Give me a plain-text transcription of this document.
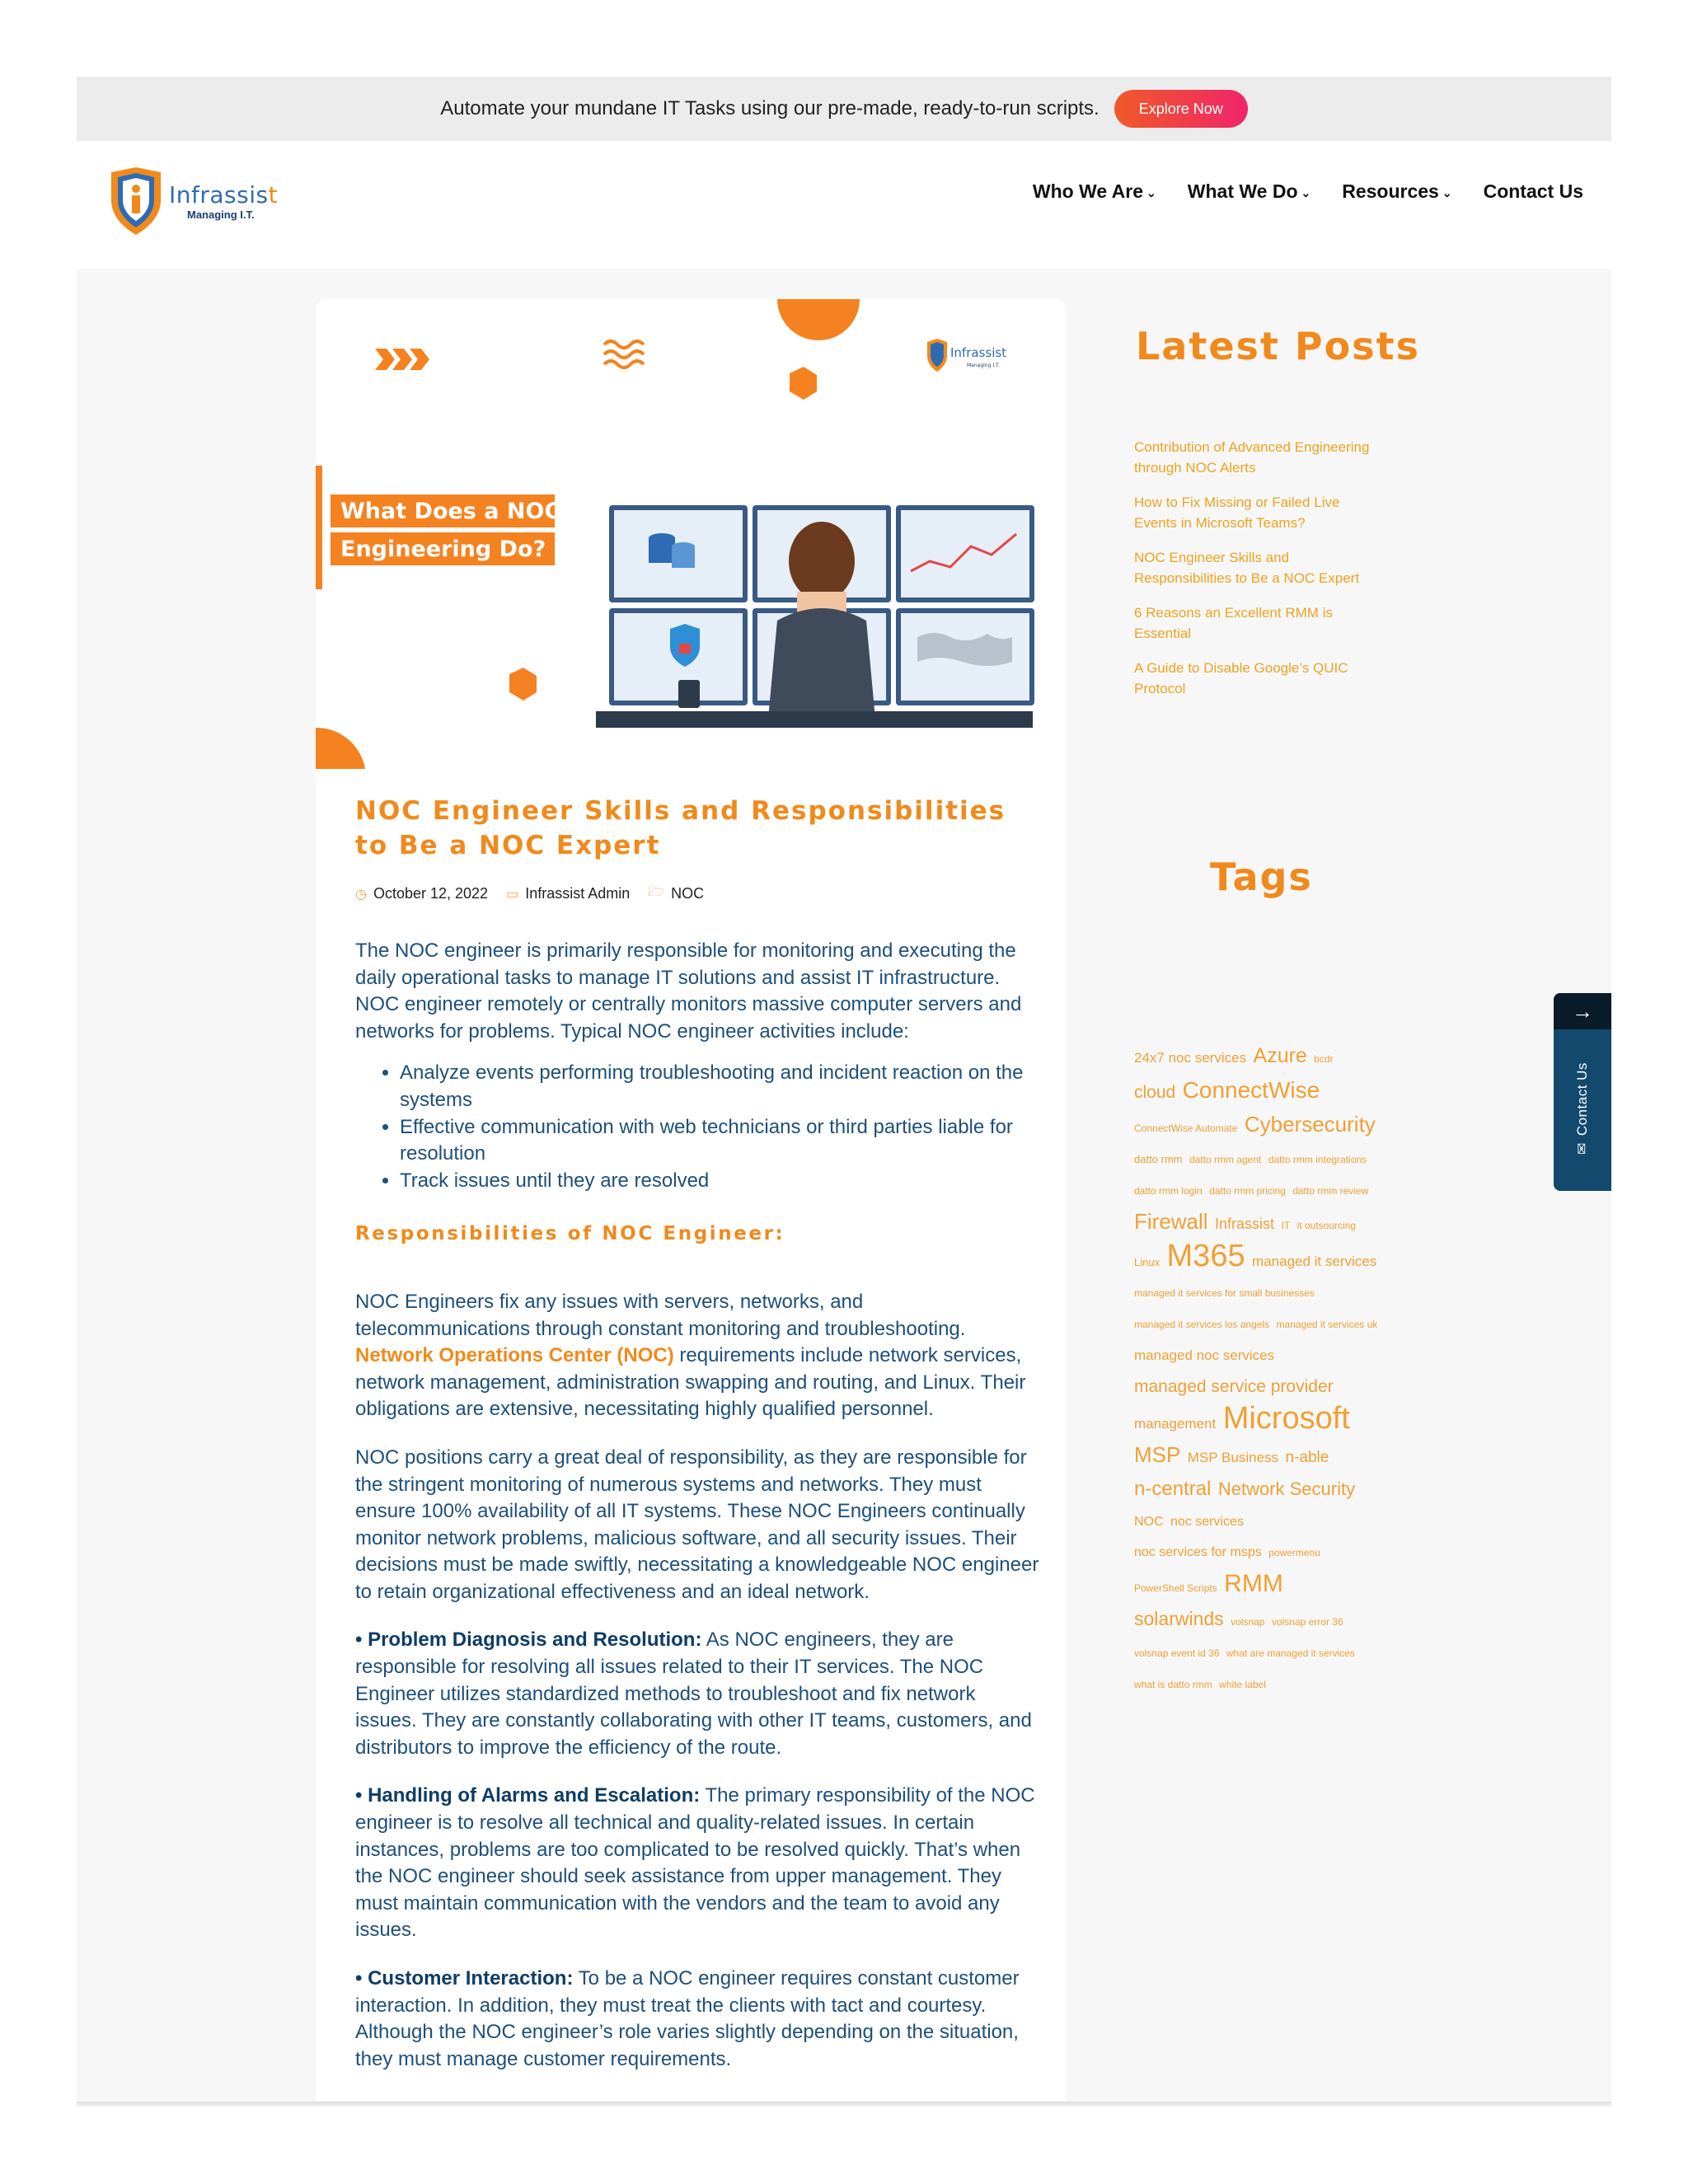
Automate your mundane IT Tasks using our pre-made, ready-to-run scripts.	Explore Now
Infrassist
Managing I.T.
Who We Are ⌄ What We Do ⌄ Resources ⌄ Contact Us
Infrassist
Managing I.T.
What Does a NOC
Engineering Do?
NOC Engineer Skills and Responsibilities to Be a NOC Expert
◷ October 12, 2022 ▭ Infrassist Admin 🗁 NOC

The NOC engineer is primarily responsible for monitoring and executing the daily operational tasks to manage IT solutions and assist IT infrastructure. NOC engineer remotely or centrally monitors massive computer servers and networks for problems. Typical NOC engineer activities include:

• Analyze events performing troubleshooting and incident reaction on the systems
• Effective communication with web technicians or third parties liable for resolution
• Track issues until they are resolved
Responsibilities of NOC Engineer:

NOC Engineers fix any issues with servers, networks, and telecommunications through constant monitoring and troubleshooting. Network Operations Center (NOC) requirements include network services, network management, administration swapping and routing, and Linux. Their obligations are extensive, necessitating highly qualified personnel.

NOC positions carry a great deal of responsibility, as they are responsible for the stringent monitoring of numerous systems and networks. They must ensure 100% availability of all IT systems. These NOC Engineers continually monitor network problems, malicious software, and all security issues. Their decisions must be made swiftly, necessitating a knowledgeable NOC engineer to retain organizational effectiveness and an ideal network.

• Problem Diagnosis and Resolution: As NOC engineers, they are responsible for resolving all issues related to their IT services. The NOC Engineer utilizes standardized methods to troubleshoot and fix network issues. They are constantly collaborating with other IT teams, customers, and distributors to improve the efficiency of the route.

• Handling of Alarms and Escalation: The primary responsibility of the NOC engineer is to resolve all technical and quality-related issues. In certain instances, problems are too complicated to be resolved quickly. That’s when the NOC engineer should seek assistance from upper management. They must maintain communication with the vendors and the team to avoid any issues.

• Customer Interaction: To be a NOC engineer requires constant customer interaction. In addition, they must treat the clients with tact and courtesy. Although the NOC engineer’s role varies slightly depending on the situation, they must manage customer requirements.

Latest Posts
Contribution of Advanced Engineering through NOC Alerts
How to Fix Missing or Failed Live Events in Microsoft Teams?
NOC Engineer Skills and Responsibilities to Be a NOC Expert
6 Reasons an Excellent RMM is Essential
A Guide to Disable Google’s QUIC Protocol
Tags
24x7 noc services Azure bcdr cloud ConnectWise ConnectWise Automate Cybersecurity datto rmm datto rmm agent datto rmm integrations datto rmm login datto rmm pricing datto rmm review Firewall Infrassist IT it outsourcing Linux M365 managed it services managed it services for small businesses managed it services los angels managed it services uk managed noc services managed service provider management Microsoft MSP MSP Business n-able n-central Network Security NOC noc services noc services for msps powermenu PowerShell Scripts RMM solarwinds volsnap volsnap error 36 volsnap event id 36 what are managed it services what is datto rmm white label
→
✉
Contact Us
